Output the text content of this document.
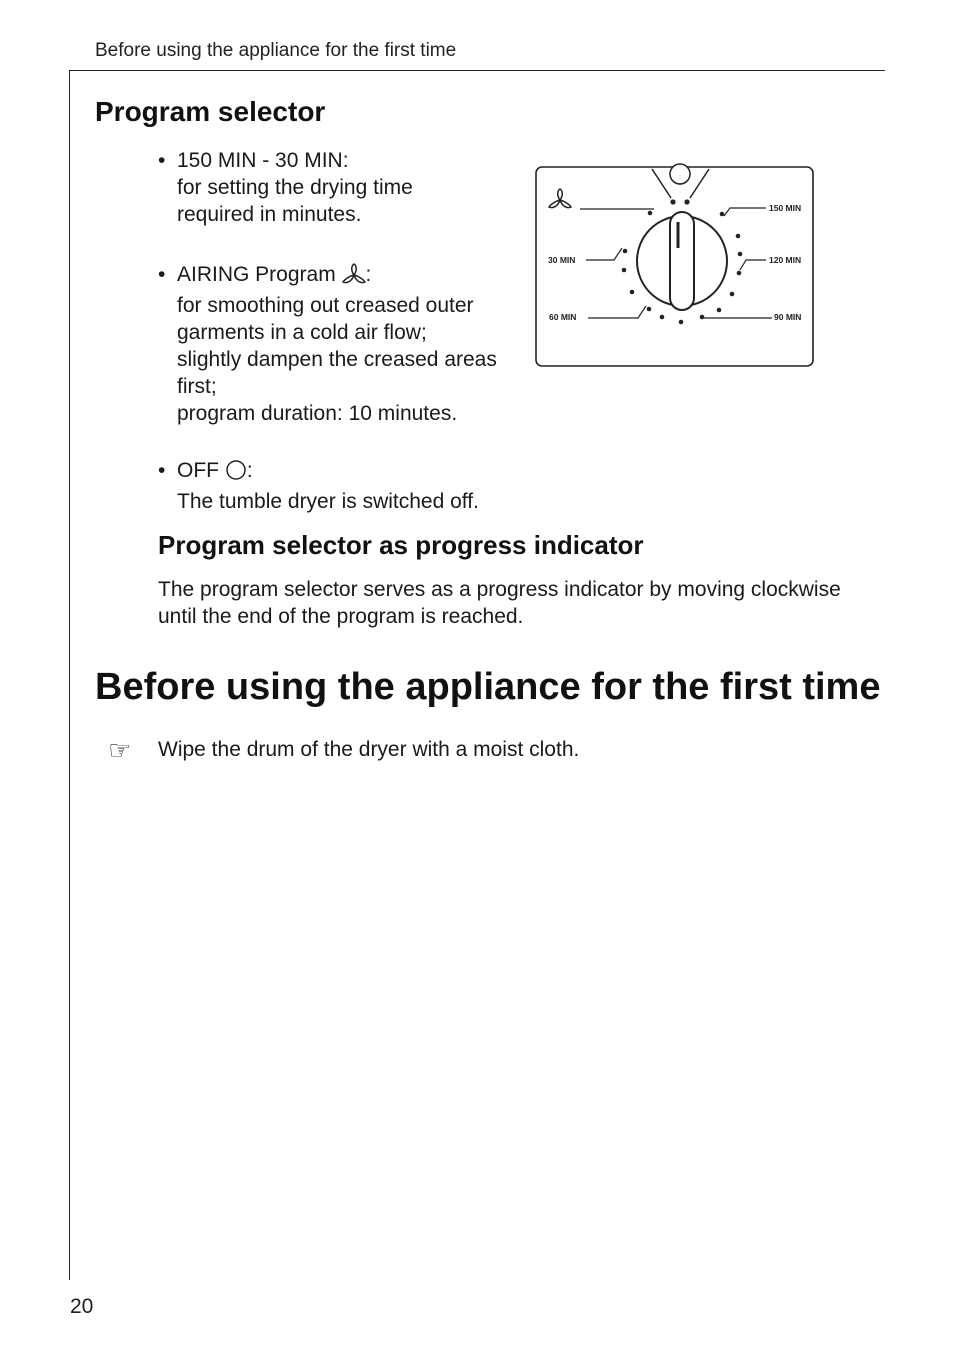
Before using the appliance for the first time
Program selector
• 150 MIN - 30 MIN:
for setting the drying time
required in minutes.
• AIRING Program :
for smoothing out creased outer
garments in a cold air flow;
slightly dampen the creased areas
first;
program duration: 10 minutes.
• OFF :
The tumble dryer is switched off.
150 MIN
120 MIN
90 MIN
60 MIN
30 MIN
Program selector as progress indicator
The program selector serves as a progress indicator by moving clockwise until the end of the program is reached.
Before using the appliance for the first time
☞ Wipe the drum of the dryer with a moist cloth.
20
